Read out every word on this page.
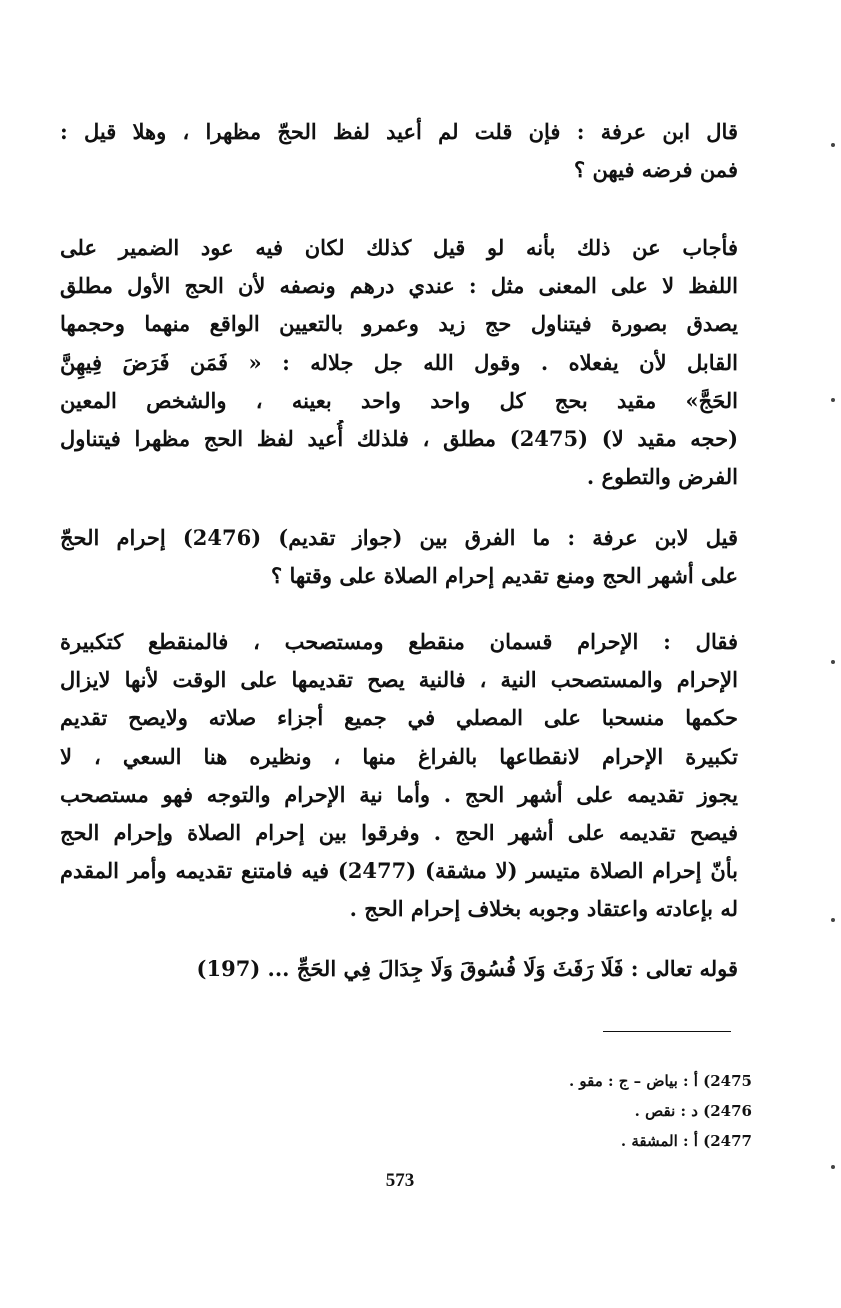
قال ابن عرفة : فإن قلت لم أعيد لفظ الحجّ مظهرا ، وهلا قيل :
فمن فرضه فيهن ؟
فأجاب عن ذلك بأنه لو قيل كذلك لكان فيه عود الضمير على
اللفظ لا على المعنى مثل : عندي درهم ونصفه لأن الحج الأول مطلق
يصدق بصورة فيتناول حج زيد وعمرو بالتعيين الواقع منهما وحجمها
القابل لأن يفعلاه . وقول الله جل جلاله : « فَمَن فَرَضَ فِيهِنَّ
الحَجَّ» مقيد بحج كل واحد واحد بعينه ، والشخص المعين
(حجه مقيد لا) (2475) مطلق ، فلذلك أُعيد لفظ الحج مظهرا فيتناول
الفرض والتطوع .
قيل لابن عرفة : ما الفرق بين (جواز تقديم) (2476) إحرام الحجّ
على أشهر الحج ومنع تقديم إحرام الصلاة على وقتها ؟
فقال : الإحرام قسمان منقطع ومستصحب ، فالمنقطع كتكبيرة
الإحرام والمستصحب النية ، فالنية يصح تقديمها على الوقت لأنها لايزال
حكمها منسحبا على المصلي في جميع أجزاء صلاته ولايصح تقديم
تكبيرة الإحرام لانقطاعها بالفراغ منها ، ونظيره هنا السعي ، لا
يجوز تقديمه على أشهر الحج . وأما نية الإحرام والتوجه فهو مستصحب
فيصح تقديمه على أشهر الحج . وفرقوا بين إحرام الصلاة وإحرام الحج
بأنّ إحرام الصلاة متيسر (لا مشقة) (2477) فيه فامتنع تقديمه وأمر المقدم
له بإعادته واعتقاد وجوبه بخلاف إحرام الحج .
قوله تعالى : فَلَا رَفَثَ وَلَا فُسُوقَ وَلَا جِدَالَ فِي الحَجِّ ... (197)
2475) أ : بياض – ج : مقو .
2476) د : نقص .
2477) أ : المشقة .
573
